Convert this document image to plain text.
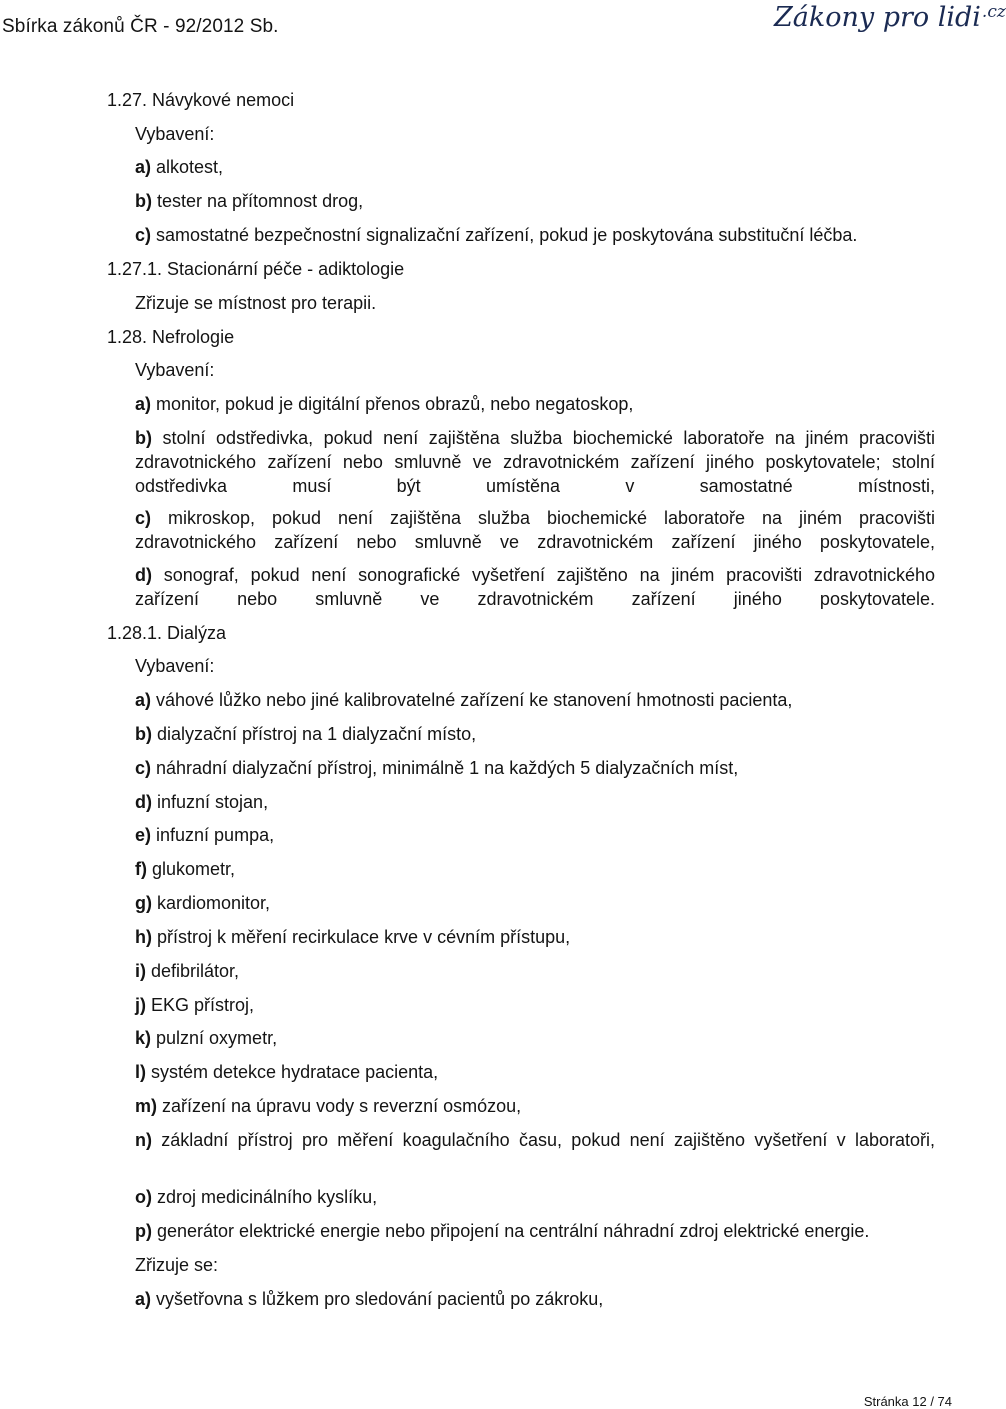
Sbírka zákonů ČR - 92/2012 Sb.	Zákony pro lidi$^{.cz}$
1.27. Návykové nemoci
Vybavení:
a) alkotest,
b) tester na přítomnost drog,
c) samostatné bezpečnostní signalizační zařízení, pokud je poskytována substituční léčba.
1.27.1. Stacionární péče - adiktologie
Zřizuje se místnost pro terapii.
1.28. Nefrologie
Vybavení:
a) monitor, pokud je digitální přenos obrazů, nebo negatoskop,

b) stolní odstředivka, pokud není zajištěna služba biochemické laboratoře na jiném pracovišti zdravotnického zařízení nebo smluvně ve zdravotnickém zařízení jiného poskytovatele; stolní odstředivka musí být umístěna v samostatné místnosti,

c) mikroskop, pokud není zajištěna služba biochemické laboratoře na jiném pracovišti zdravotnického zařízení nebo smluvně ve zdravotnickém zařízení jiného poskytovatele,

d) sonograf, pokud není sonografické vyšetření zajištěno na jiném pracovišti zdravotnického zařízení nebo smluvně ve zdravotnickém zařízení jiného poskytovatele.

1.28.1. Dialýza
Vybavení:
a) váhové lůžko nebo jiné kalibrovatelné zařízení ke stanovení hmotnosti pacienta,
b) dialyzační přístroj na 1 dialyzační místo,
c) náhradní dialyzační přístroj, minimálně 1 na každých 5 dialyzačních míst,
d) infuzní stojan,
e) infuzní pumpa,
f) glukometr,
g) kardiomonitor,
h) přístroj k měření recirkulace krve v cévním přístupu,
i) defibrilátor,
j) EKG přístroj,
k) pulzní oxymetr,
l) systém detekce hydratace pacienta,
m) zařízení na úpravu vody s reverzní osmózou,

n) základní přístroj pro měření koagulačního času, pokud není zajištěno vyšetření v laboratoři,

o) zdroj medicinálního kyslíku,
p) generátor elektrické energie nebo připojení na centrální náhradní zdroj elektrické energie.
Zřizuje se:
a) vyšetřovna s lůžkem pro sledování pacientů po zákroku,
Stránka 12 / 74
